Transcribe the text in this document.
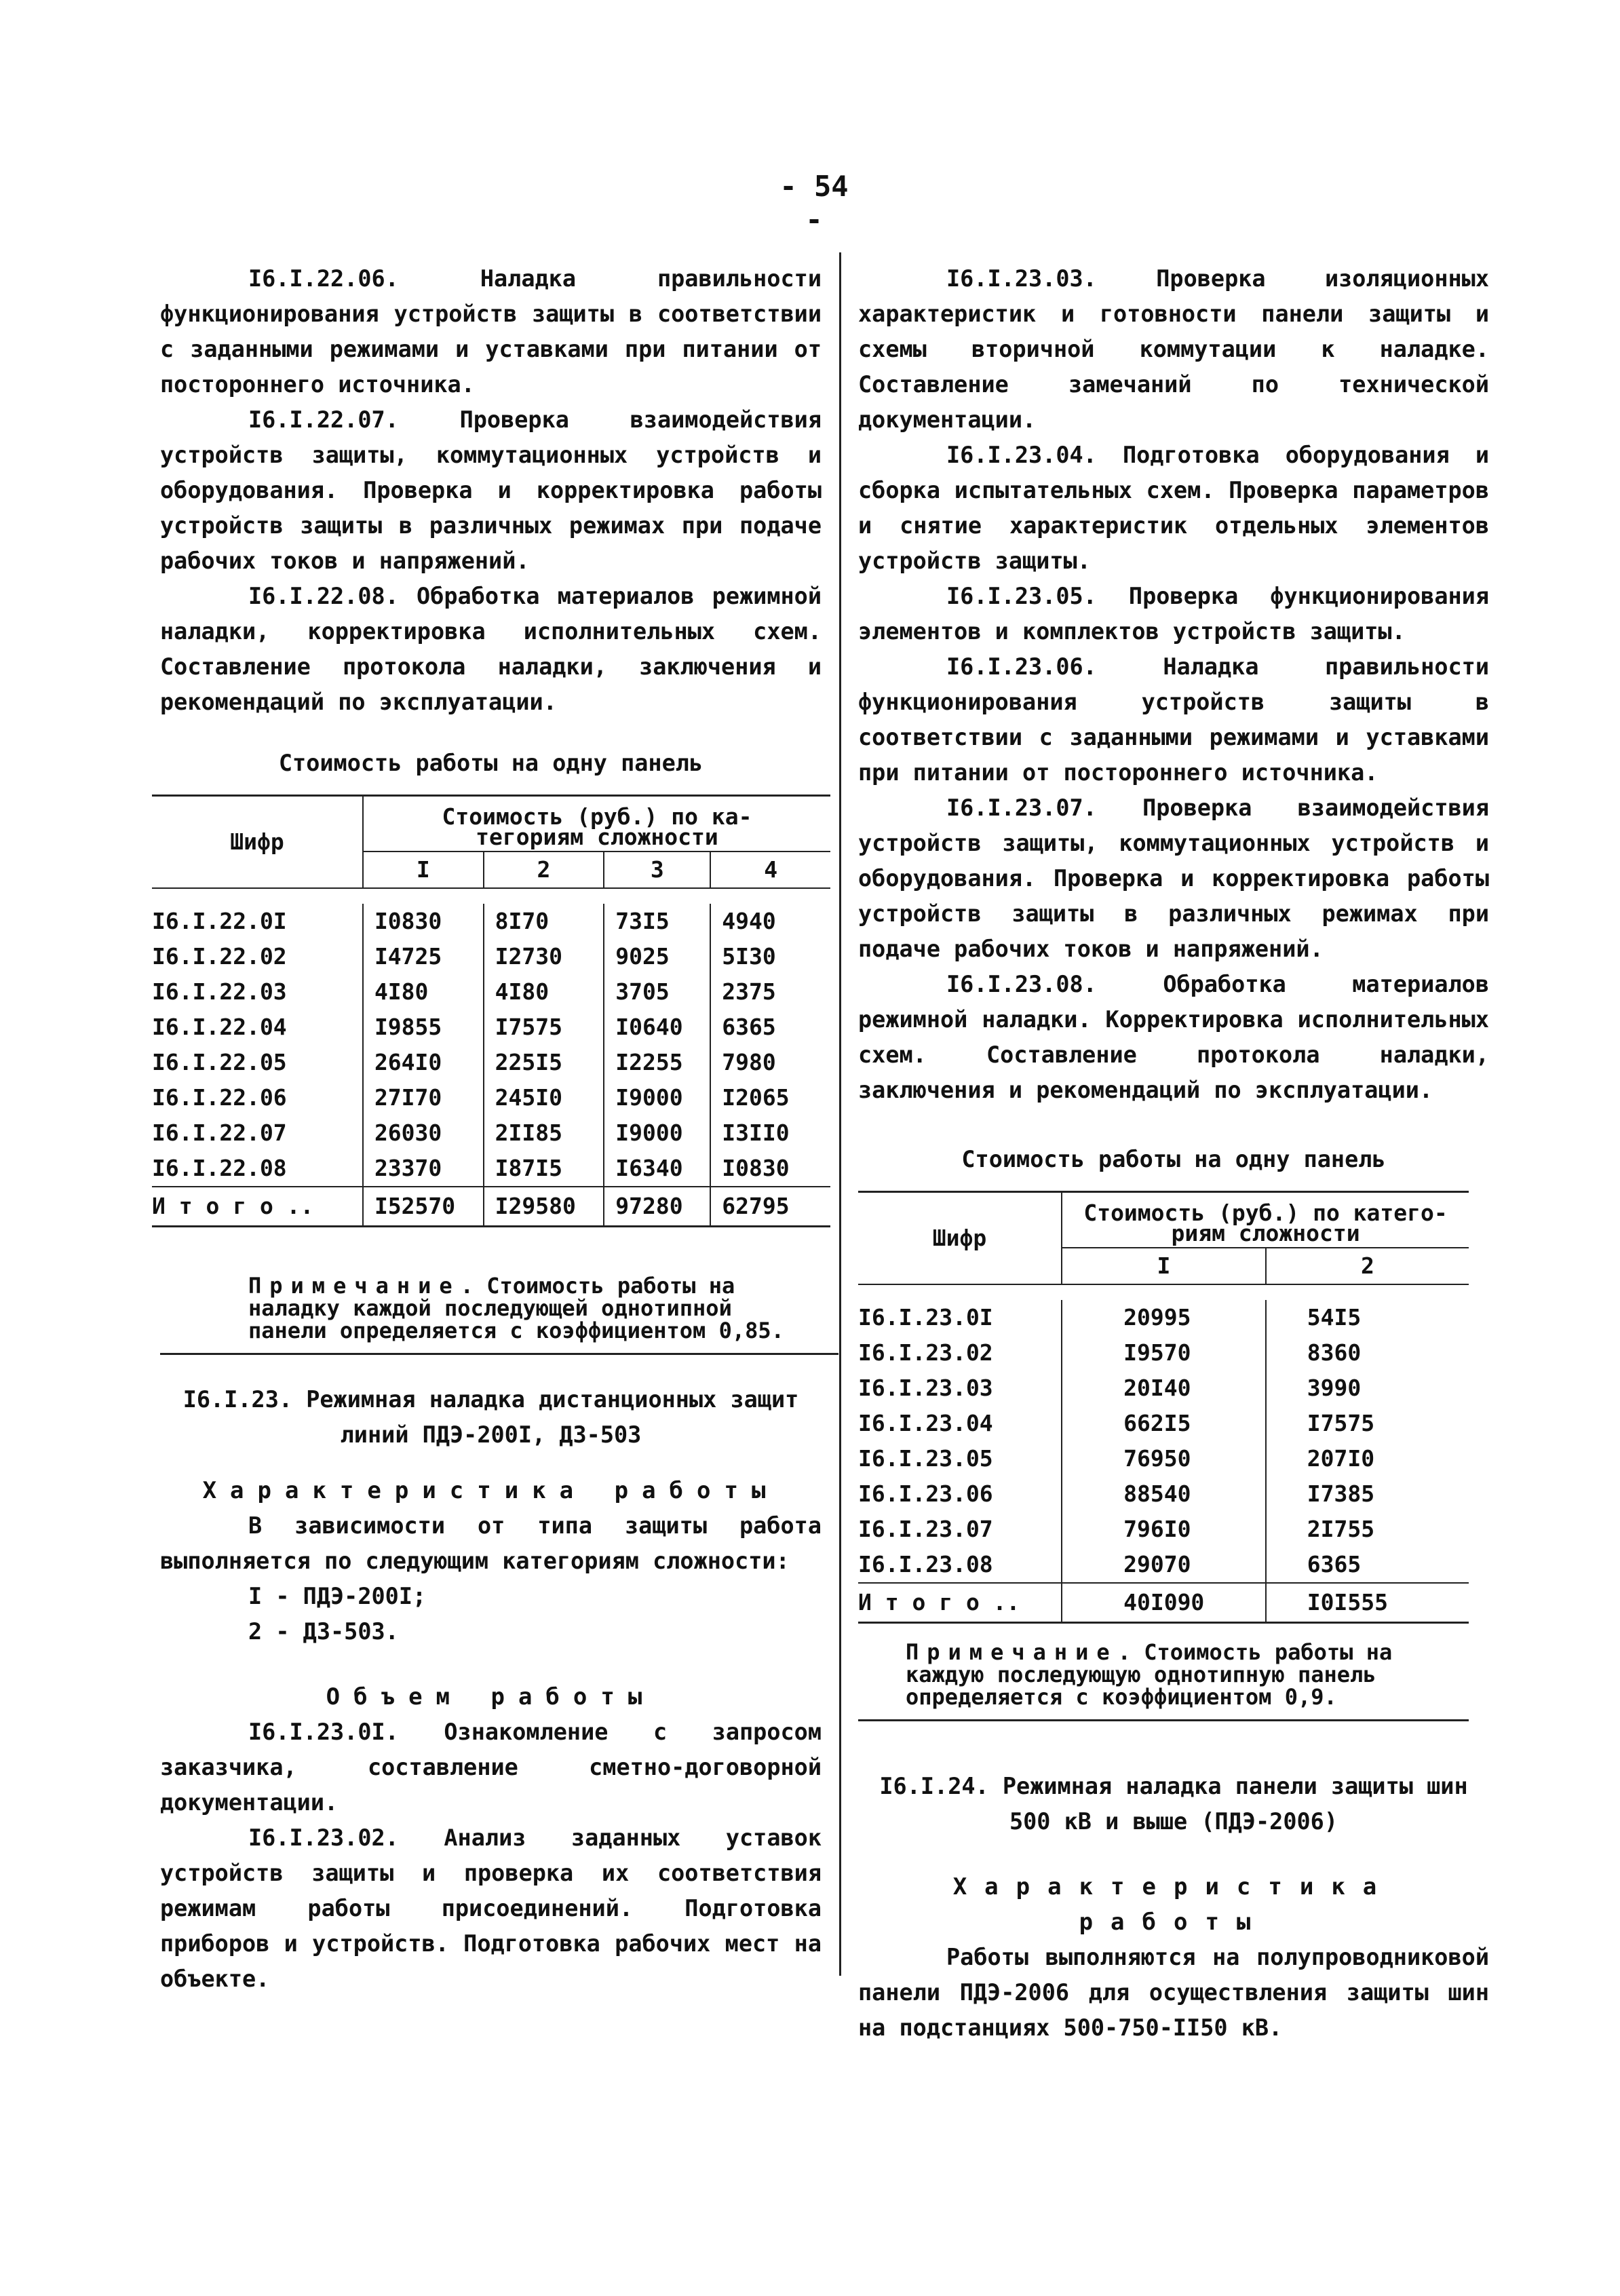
- 54 -

I6.I.22.06. Наладка правильности функционирования устройств защиты в соответствии с заданными режимами и уставками при питании от постороннего источника.

I6.I.22.07. Проверка взаимодействия устройств защиты, коммутационных устройств и оборудования. Проверка и корректировка работы устройств защиты в различных режимах при подаче рабочих токов и напряжений.

I6.I.22.08. Обработка материалов режимной наладки, корректировка исполнительных схем. Составление протокола наладки, заключения и рекомендаций по эксплуатации.

Стоимость работы на одну панель

Шифр	Стоимость (руб.) по ка-
тегориям сложности			

	I	2	3	4

I6.I.22.0I	I0830	8I70	73I5	4940
I6.I.22.02	I4725	I2730	9025	5I30
I6.I.22.03	4I80	4I80	3705	2375
I6.I.22.04	I9855	I7575	I0640	6365
I6.I.22.05	264I0	225I5	I2255	7980
I6.I.22.06	27I70	245I0	I9000	I2065
I6.I.22.07	26030	2II85	I9000	I3II0
I6.I.22.08	23370	I87I5	I6340	I0830
И т о г о ..	I52570	I29580	97280	62795
Примечание. Стоимость работы на наладку каждой последующей однотипной панели определяется с коэффициентом 0,85.

I6.I.23. Режимная наладка дистанционных защит
линий ПДЭ-200I, ДЗ-503

Характеристика работы

В зависимости от типа защиты работа выполняется по следующим категориям сложности:

I - ПДЭ-200I;

2 - ДЗ-503.

Объем работы

I6.I.23.0I. Ознакомление с запросом заказчика, составление сметно-договорной документации.

I6.I.23.02. Анализ заданных уставок устройств защиты и проверка их соответствия режимам работы присоединений. Подготовка приборов и устройств. Подготовка рабочих мест на объекте.

I6.I.23.03. Проверка изоляционных характеристик и готовности панели защиты и схемы вторичной коммутации к наладке. Составление замечаний по технической документации.

I6.I.23.04. Подготовка оборудования и сборка испытательных схем. Проверка параметров и снятие характеристик отдельных элементов устройств защиты.

I6.I.23.05. Проверка функционирования элементов и комплектов устройств защиты.

I6.I.23.06. Наладка правильности функционирования устройств защиты в соответствии с заданными режимами и уставками при питании от постороннего источника.

I6.I.23.07. Проверка взаимодействия устройств защиты, коммутационных устройств и оборудования. Проверка и корректировка работы устройств защиты в различных режимах при подаче рабочих токов и напряжений.

I6.I.23.08. Обработка материалов режимной наладки. Корректировка исполнительных схем. Составление протокола наладки, заключения и рекомендаций по эксплуатации.

Стоимость работы на одну панель

Шифр	Стоимость (руб.) по катего-
риям сложности	

	I	2

I6.I.23.0I	20995	54I5
I6.I.23.02	I9570	8360
I6.I.23.03	20I40	3990
I6.I.23.04	662I5	I7575
I6.I.23.05	76950	207I0
I6.I.23.06	88540	I7385
I6.I.23.07	796I0	2I755
I6.I.23.08	29070	6365
И т о г о ..	40I090	I0I555
Примечание. Стоимость работы на каждую последующую однотипную панель определяется с коэффициентом 0,9.

I6.I.24. Режимная наладка панели защиты шин
500 кВ и выше (ПДЭ-2006)

Характеристика работы

Работы выполняются на полупроводниковой панели ПДЭ-2006 для осуществления защиты шин на подстанциях 500-750-II50 кВ.
